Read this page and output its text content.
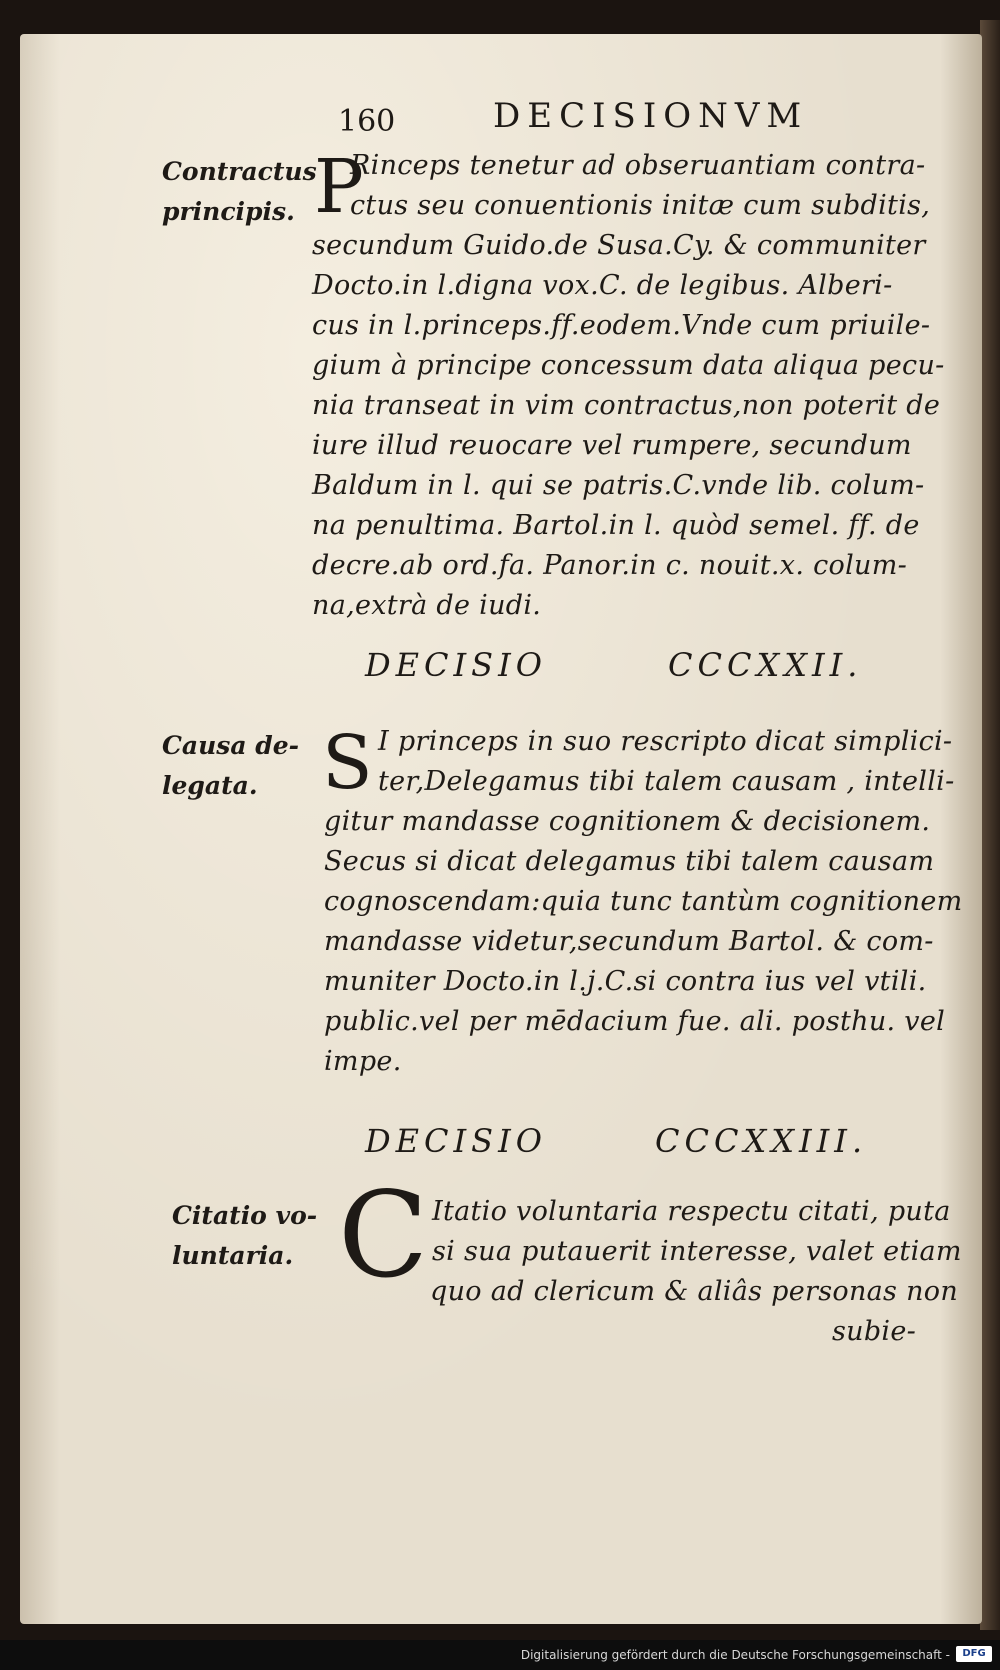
160	DECISIONVM
Contractus
principis. P
Rinceps tenetur ad obseruantiam contra-
ctus seu conuentionis initæ cum subditis,
secundum Guido.de Susa.Cy. & communiter
Docto.in l.digna vox.C. de legibus. Alberi-
cus in l.princeps.ff.eodem.Vnde cum priuile-
gium à principe concessum data aliqua pecu-
nia transeat in vim contractus,non poterit de
iure illud reuocare vel rumpere, secundum
Baldum in l. qui se patris.C.vnde lib. colum-
na penultima. Bartol.in l. quòd semel. ff. de
decre.ab ord.fa. Panor.in c. nouit.x. colum-
na,extrà de iudi.
DECISIO	CCCXXII.
Causa de-
legata. S I princeps in suo rescripto dicat simplici-
ter,Delegamus tibi talem causam , intelli-
gitur mandasse cognitionem & decisionem.
Secus si dicat delegamus tibi talem causam
cognoscendam:quia tunc tantùm cognitionem
mandasse videtur,secundum Bartol. & com-
muniter Docto.in l.j.C.si contra ius vel vtili.
public.vel per mēdacium fue. ali. posthu. vel
impe.
DECISIO	CCCXXIII.
Citatio vo-
luntaria. C Itatio voluntaria respectu citati, puta
si sua putauerit interesse, valet etiam
quo ad clericum & aliâs personas non
subie-
Digitalisierung gefördert durch die Deutsche Forschungsgemeinschaft -	DFG
